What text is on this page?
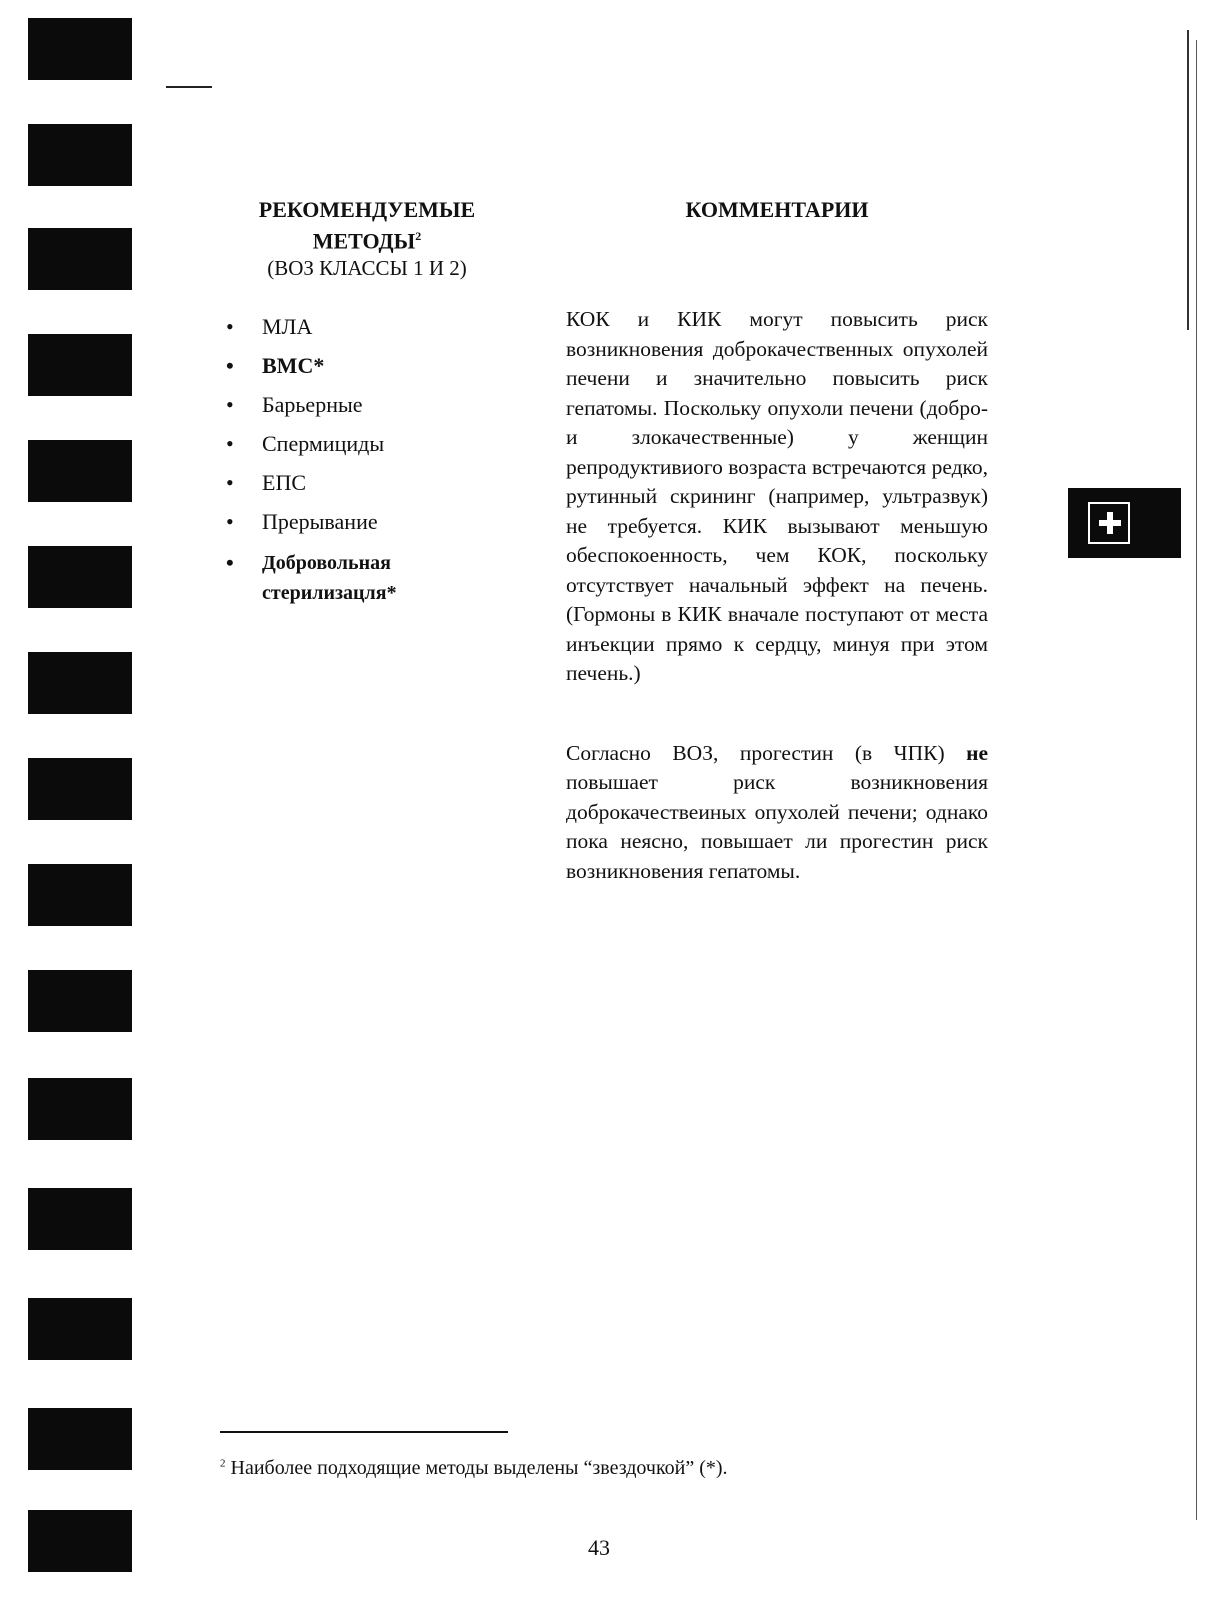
РЕКОМЕНДУЕМЫЕ
МЕТОДЫ$^2$
(ВОЗ КЛАССЫ 1 И 2)
• МЛА
• ВМС*
• Барьерные
• Спермициды
• ЕПС
• Прерывание
• Добровольная стерилизацля*
КОММЕНТАРИИ

КОК и КИК могут повысить риск возникновения доброкачественных опухолей печени и значительно повысить риск гепатомы. Поскольку опухоли печени (добро- и злокачественные) у женщин репродуктивиого возраста встречаются редко, рутинный скрининг (например, ультразвук) не требуется. КИК вызывают меньшую обеспокоенность, чем КОК, поскольку отсутствует начальный эффект на печень. (Гормоны в КИК вначале поступают от места инъекции прямо к сердцу, минуя при этом печень.)

Согласно ВОЗ, прогестин (в ЧПК) не повышает риск возникновения доброкачествеиных опухолей печени; однако пока неясно, повышает ли прогестин риск возникновения гепатомы.

$^2$ Наиболее подходящие методы выделены “звездочкой” (*).
43
